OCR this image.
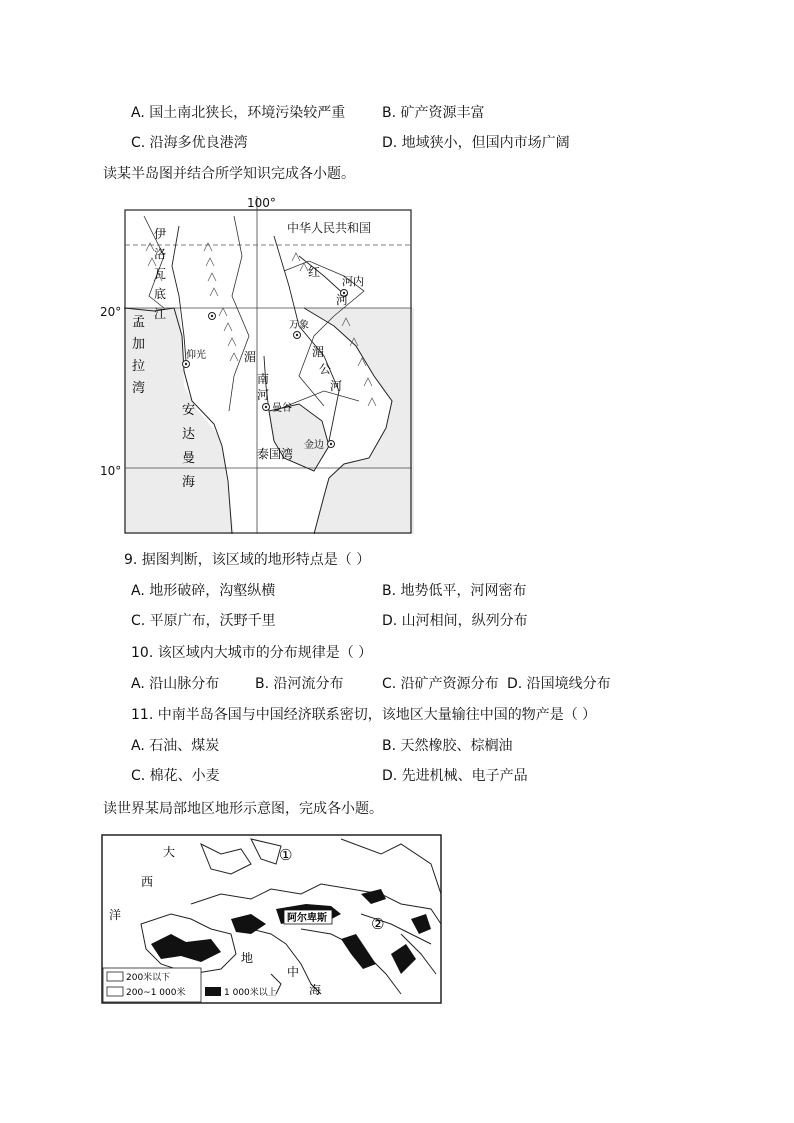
A. 国土南北狭长，环境污染较严重	B. 矿产资源丰富
C. 沿海多优良港湾	D. 地域狭小，但国内市场广阔
读某半岛图并结合所学知识完成各小题。
100°
中华人民共和国
伊
洛
瓦
底
江
红
河
河内
万象
湄
公
河
湄
南
河
曼谷
仰光
金边
泰国湾
孟
加
拉
湾
安
达
曼
海
20°
10°
9. 据图判断，该区域的地形特点是（ ）
A. 地形破碎，沟壑纵横	B. 地势低平，河网密布
C. 平原广布，沃野千里	D. 山河相间，纵列分布
10. 该区域内大城市的分布规律是（ ）
A. 沿山脉分布	B. 沿河流分布	C. 沿矿产资源分布 D. 沿国境线分布
11. 中南半岛各国与中国经济联系密切，该地区大量输往中国的物产是（ ）
A. 石油、煤炭	B. 天然橡胶、棕榈油
C. 棉花、小麦	D. 先进机械、电子产品
读世界某局部地区地形示意图，完成各小题。
阿尔卑斯
①
②
大
西
洋
地
中
海
200米以下
200~1 000米	1 000米以上
